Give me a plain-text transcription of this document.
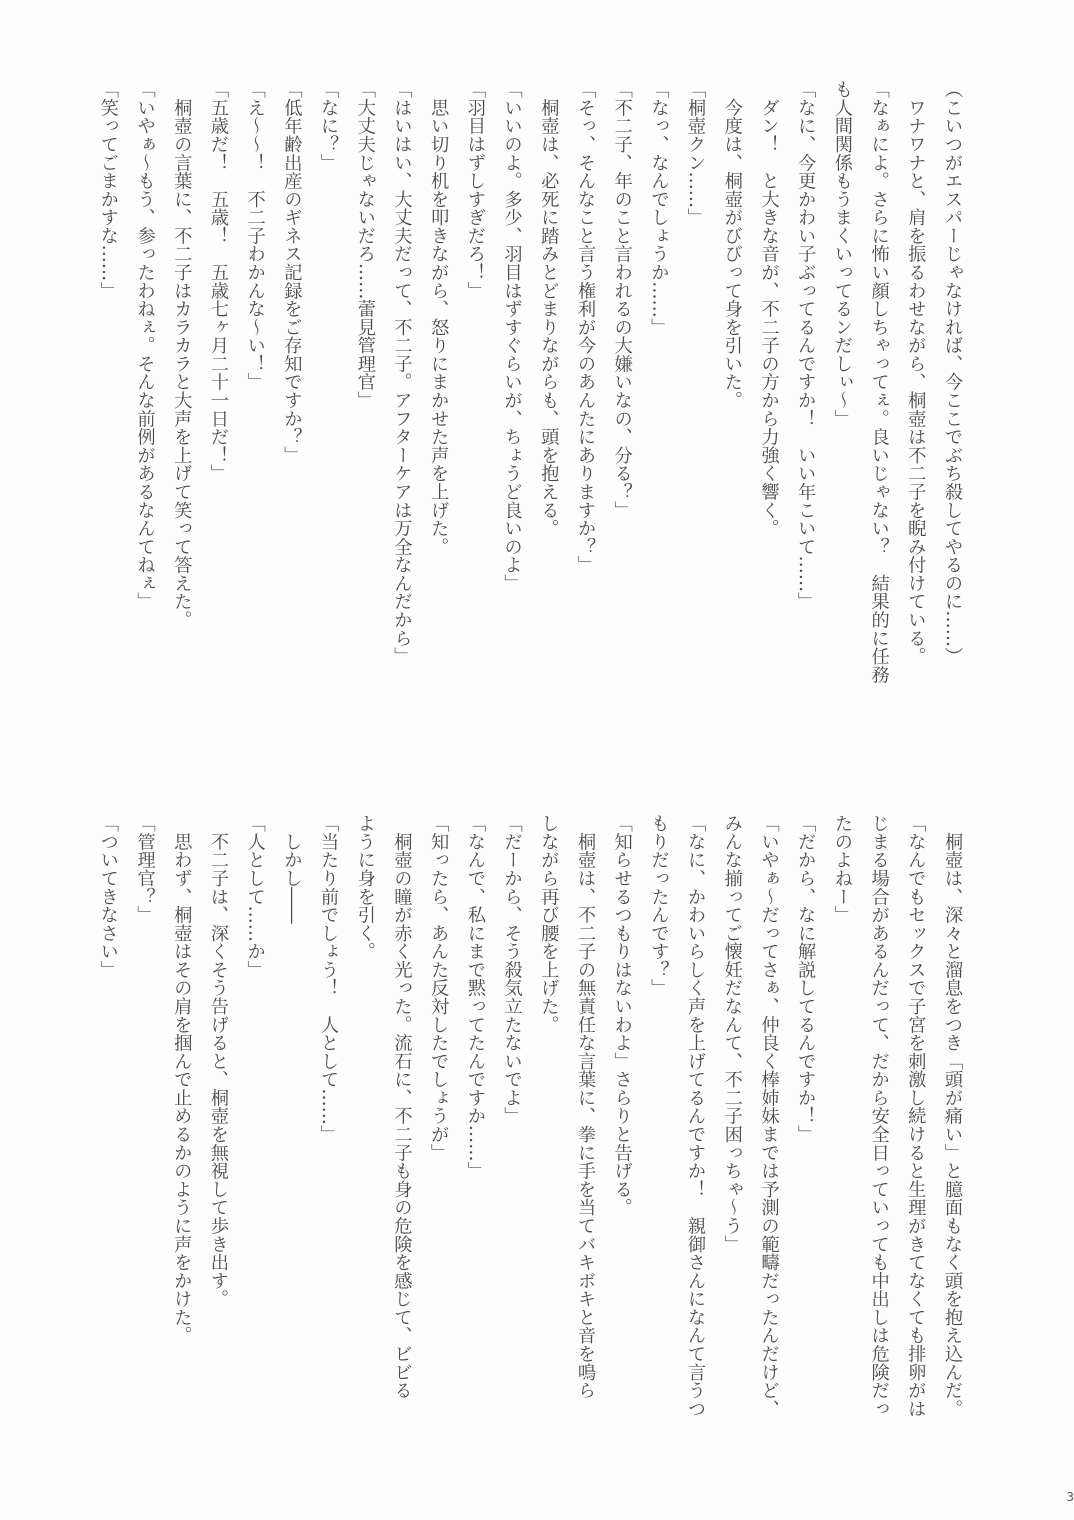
（こいつがエスパーじゃなければ、今ここでぶち殺してやるのに……）
　ワナワナと、肩を振るわせながら、桐壺は不二子を睨み付けている。
「なぁによ。さらに怖い顔しちゃってぇ。良いじゃない？　結果的に任務
も人間関係もうまくいってるンだしぃ～」
「なに、今更かわい子ぶってるんですか！　いい年こいて……」
　ダン！　と大きな音が、不二子の方から力強く響く。
　今度は、桐壺がびびって身を引いた。
「桐壺クン……」
「なっ、なんでしょうか……」
「不二子、年のこと言われるの大嫌いなの、分る？」
「そっ、そんなこと言う権利が今のあんたにありますか？」
　桐壺は、必死に踏みとどまりながらも、頭を抱える。
「いいのよ。多少、羽目はずすぐらいが、ちょうど良いのよ」
「羽目はずしすぎだろ！」
　思い切り机を叩きながら、怒りにまかせた声を上げた。
「はいはい、大丈夫だって、不二子。アフターケアは万全なんだから」
「大丈夫じゃないだろ……蕾見管理官」
「なに？」
「低年齢出産のギネス記録をご存知ですか？」
「え～～！　不二子わかんな～い！」
「五歳だ！　五歳！　五歳七ヶ月二十一日だ！」
　桐壺の言葉に、不二子はカラカラと大声を上げて笑って答えた。
「いやぁ～もう、参ったわねぇ。そんな前例があるなんてねぇ」
「笑ってごまかすな……」
　桐壺は、深々と溜息をつき「頭が痛い」と臆面もなく頭を抱え込んだ。
「なんでもセックスで子宮を刺激し続けると生理がきてなくても排卵がは
じまる場合があるんだって、だから安全日っていっても中出しは危険だっ
たのよねー」
「だから、なに解説してるんですか！」
「いやぁ～だってさぁ、仲良く棒姉妹までは予測の範疇だったんだけど、
みんな揃ってご懐妊だなんて、不二子困っちゃ～う」
「なに、かわいらしく声を上げてるんですか！　親御さんになんて言うつ
もりだったんです？」
「知らせるつもりはないわよ」さらりと告げる。
　桐壺は、不二子の無責任な言葉に、拳に手を当てバキボキと音を鳴ら
しながら再び腰を上げた。
「だーから、そう殺気立たないでよ」
「なんで、私にまで黙ってたんですか……」
「知ったら、あんた反対したでしょうが」
　桐壺の瞳が赤く光った。流石に、不二子も身の危険を感じて、ビビる
ように身を引く。
「当たり前でしょう！　人として……」
　しかし――
「人として……か」
　不二子は、深くそう告げると、桐壺を無視して歩き出す。
　思わず、桐壺はその肩を掴んで止めるかのように声をかけた。
「管理官？」
「ついてきなさい」
3
